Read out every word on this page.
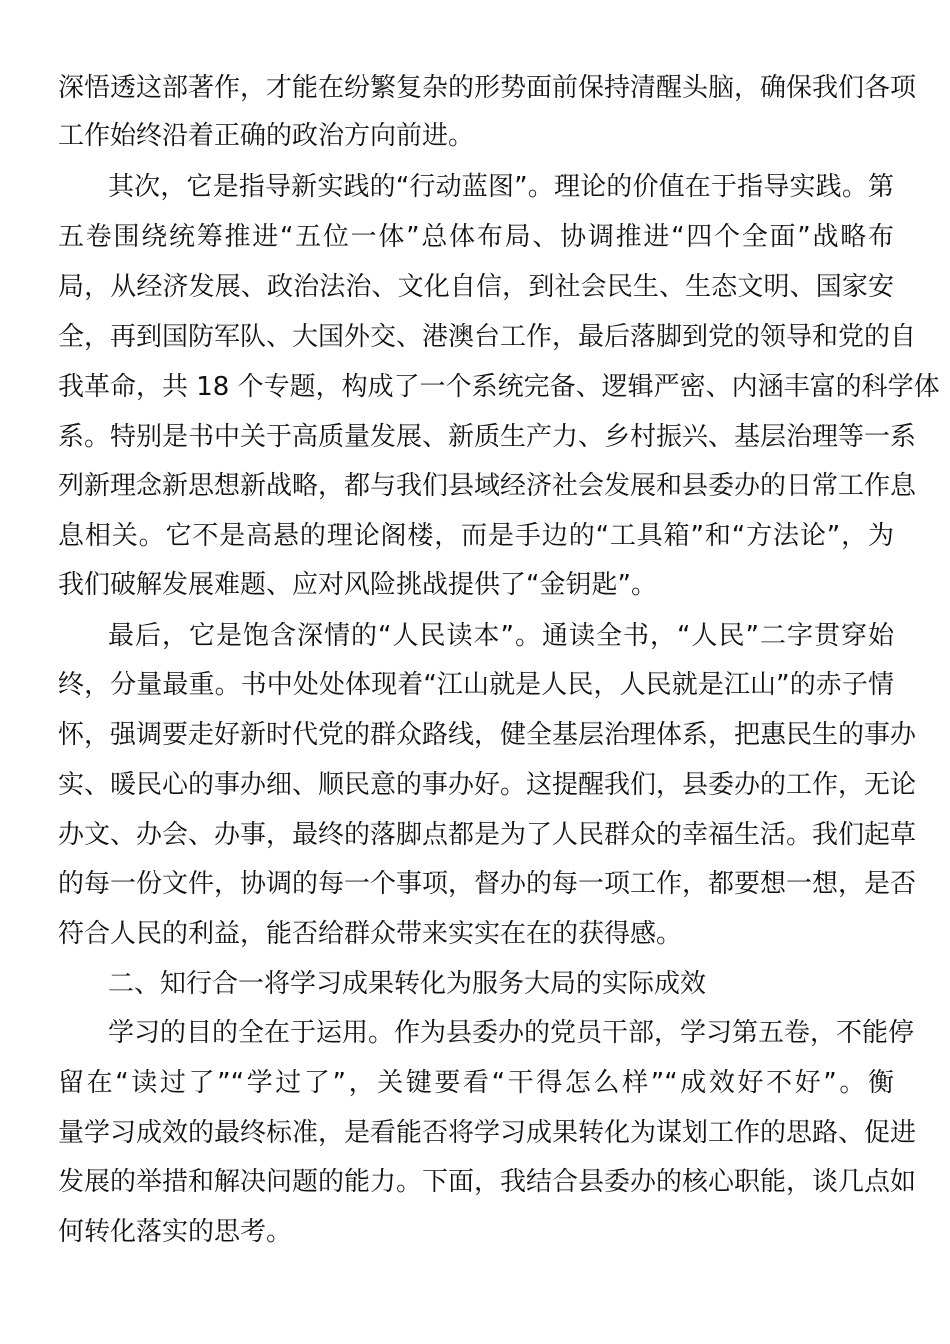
深悟透这部著作，才能在纷繁复杂的形势面前保持清醒头脑，确保我们各项
工作始终沿着正确的政治方向前进。
其次，它是指导新实践的“行动蓝图”。理论的价值在于指导实践。第
五卷围绕统筹推进“五位一体”总体布局、协调推进“四个全面”战略布
局，从经济发展、政治法治、文化自信，到社会民生、生态文明、国家安
全，再到国防军队、大国外交、港澳台工作，最后落脚到党的领导和党的自
我革命，共 18 个专题，构成了一个系统完备、逻辑严密、内涵丰富的科学体
系。特别是书中关于高质量发展、新质生产力、乡村振兴、基层治理等一系
列新理念新思想新战略，都与我们县域经济社会发展和县委办的日常工作息
息相关。它不是高悬的理论阁楼，而是手边的“工具箱”和“方法论”，为
我们破解发展难题、应对风险挑战提供了“金钥匙”。
最后，它是饱含深情的“人民读本”。通读全书，“人民”二字贯穿始
终，分量最重。书中处处体现着“江山就是人民，人民就是江山”的赤子情
怀，强调要走好新时代党的群众路线，健全基层治理体系，把惠民生的事办
实、暖民心的事办细、顺民意的事办好。这提醒我们，县委办的工作，无论
办文、办会、办事，最终的落脚点都是为了人民群众的幸福生活。我们起草
的每一份文件，协调的每一个事项，督办的每一项工作，都要想一想，是否
符合人民的利益，能否给群众带来实实在在的获得感。
二、知行合一将学习成果转化为服务大局的实际成效
学习的目的全在于运用。作为县委办的党员干部，学习第五卷，不能停
留在“读过了”“学过了”，关键要看“干得怎么样”“成效好不好”。衡
量学习成效的最终标准，是看能否将学习成果转化为谋划工作的思路、促进
发展的举措和解决问题的能力。下面，我结合县委办的核心职能，谈几点如
何转化落实的思考。
